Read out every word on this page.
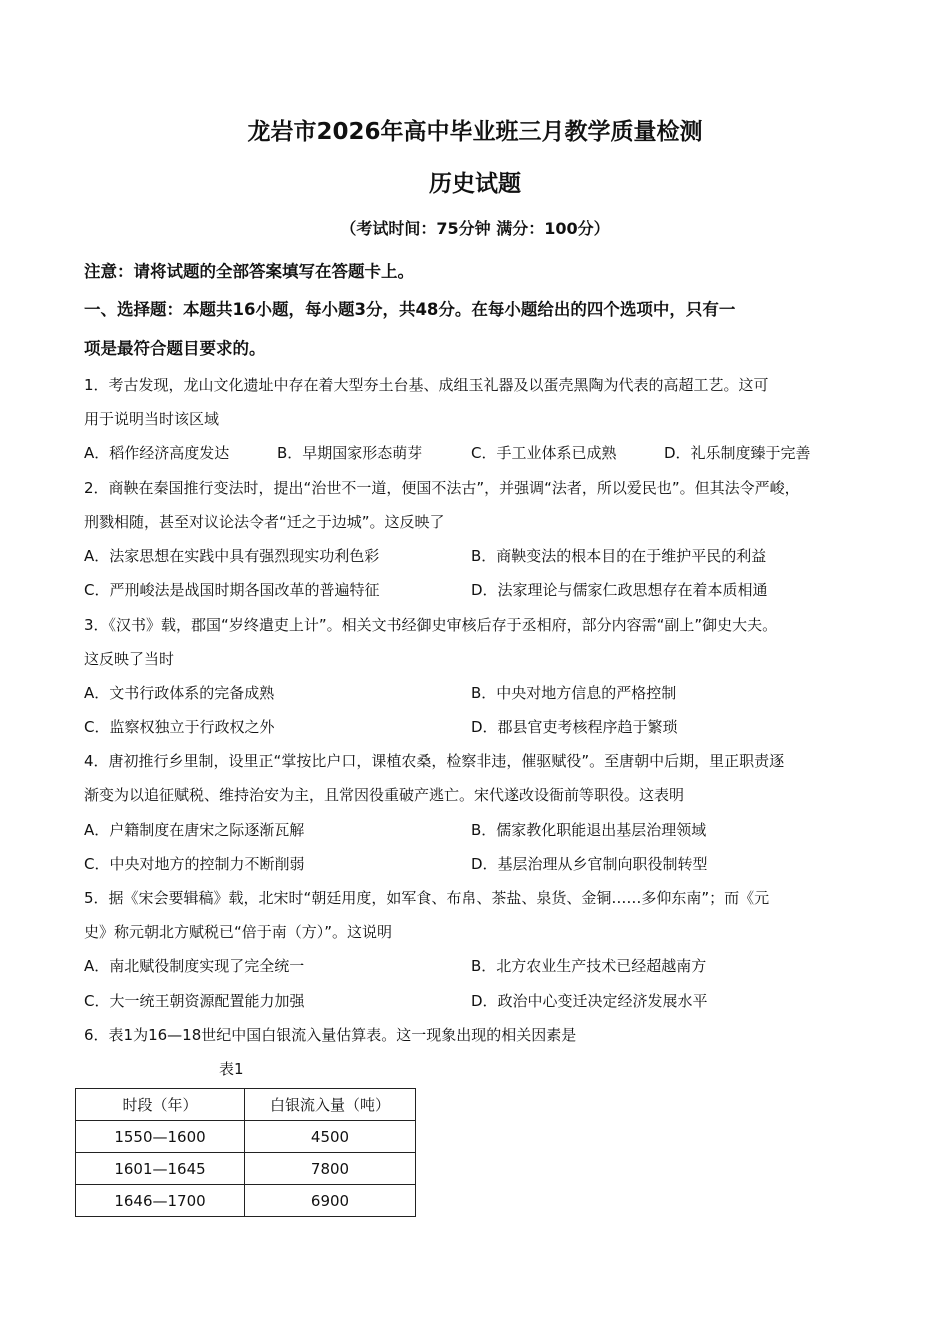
龙岩市2026年高中毕业班三月教学质量检测
历史试题
（考试时间：75分钟 满分：100分）
注意：请将试题的全部答案填写在答题卡上。
一、选择题：本题共16小题，每小题3分，共48分。在每小题给出的四个选项中，只有一
项是最符合题目要求的。
1．考古发现，龙山文化遗址中存在着大型夯土台基、成组玉礼器及以蛋壳黑陶为代表的高超工艺。这可
用于说明当时该区域
A．稻作经济高度发达	B．早期国家形态萌芽	C．手工业体系已成熟	D．礼乐制度臻于完善
2．商鞅在秦国推行变法时，提出“治世不一道，便国不法古”，并强调“法者，所以爱民也”。但其法令严峻，
刑戮相随，甚至对议论法令者“迁之于边城”。这反映了
A．法家思想在实践中具有强烈现实功利色彩	B．商鞅变法的根本目的在于维护平民的利益
C．严刑峻法是战国时期各国改革的普遍特征	D．法家理论与儒家仁政思想存在着本质相通
3．《汉书》载，郡国“岁终遣吏上计”。相关文书经御史审核后存于丞相府，部分内容需“副上”御史大夫。
这反映了当时
A．文书行政体系的完备成熟	B．中央对地方信息的严格控制
C．监察权独立于行政权之外	D．郡县官吏考核程序趋于繁琐
4．唐初推行乡里制，设里正“掌按比户口，课植农桑，检察非违，催驱赋役”。至唐朝中后期，里正职责逐
渐变为以追征赋税、维持治安为主，且常因役重破产逃亡。宋代遂改设衙前等职役。这表明
A．户籍制度在唐宋之际逐渐瓦解	B．儒家教化职能退出基层治理领域
C．中央对地方的控制力不断削弱	D．基层治理从乡官制向职役制转型
5．据《宋会要辑稿》载，北宋时“朝廷用度，如军食、布帛、茶盐、泉货、金铜……多仰东南”；而《元
史》称元朝北方赋税已“倍于南（方）”。这说明
A．南北赋役制度实现了完全统一	B．北方农业生产技术已经超越南方
C．大一统王朝资源配置能力加强	D．政治中心变迁决定经济发展水平
6．表1为16—18世纪中国白银流入量估算表。这一现象出现的相关因素是
表1
时段（年）	白银流入量（吨）
1550—1600	4500
1601—1645	7800
1646—1700	6900
